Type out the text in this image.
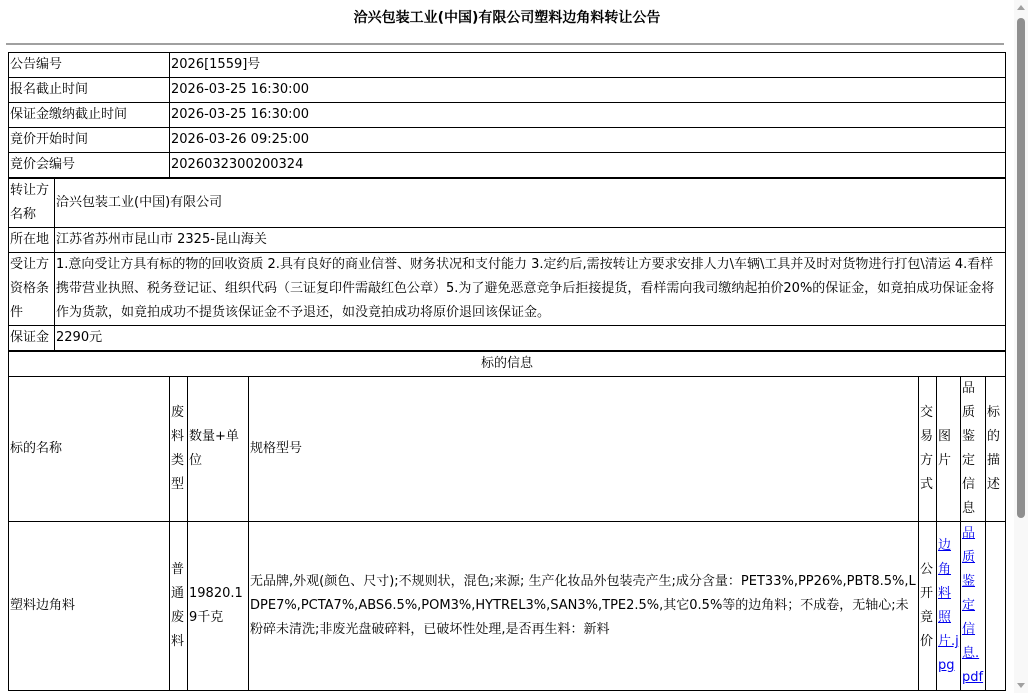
洽兴包装工业(中国)有限公司塑料边角料转让公告
公告编号	2026[1559]号
报名截止时间	2026-03-25 16:30:00
保证金缴纳截止时间	2026-03-25 16:30:00
竟价开始时间	2026-03-26 09:25:00
竟价会编号	2026032300200324
转让方名称	洽兴包装工业(中国)有限公司
所在地	江苏省苏州市昆山市 2325-昆山海关
受让方资格条件	1.意向受让方具有标的物的回收资质 2.具有良好的商业信誉、财务状况和支付能力 3.定约后,需按转让方要求安排人力\车辆\工具并及时对货物进行打包\清运 4.看样携带营业执照、税务登记证、组织代码（三证复印件需敲红色公章）5.为了避免恶意竞争后拒接提货，看样需向我司缴纳起拍价20%的保证金，如竟拍成功保证金将作为货款，如竟拍成功不提货该保证金不予退还，如没竟拍成功将原价退回该保证金。
保证金	2290元
标的信息							
标的名称	废料类型	数量+单位	规格型号	交易方式	图片	品质鉴定信息	标的描述
塑料边角料	普通废料	19820.19千克	无品牌,外观(颜色、尺寸);不规则状，混色;来源; 生产化妆品外包装壳产生;成分含量：PET33%,PP26%,PBT8.5%,LDPE7%,PCTA7%,ABS6.5%,POM3%,HYTREL3%,SAN3%,TPE2.5%,其它0.5%等的边角料；不成卷，无轴心;未粉碎未清洗;非废光盘破碎料，已破坏性处理,是否再生料：新料	公开竟价	边角料照片.jpg	品质鉴定信息.pdf	
